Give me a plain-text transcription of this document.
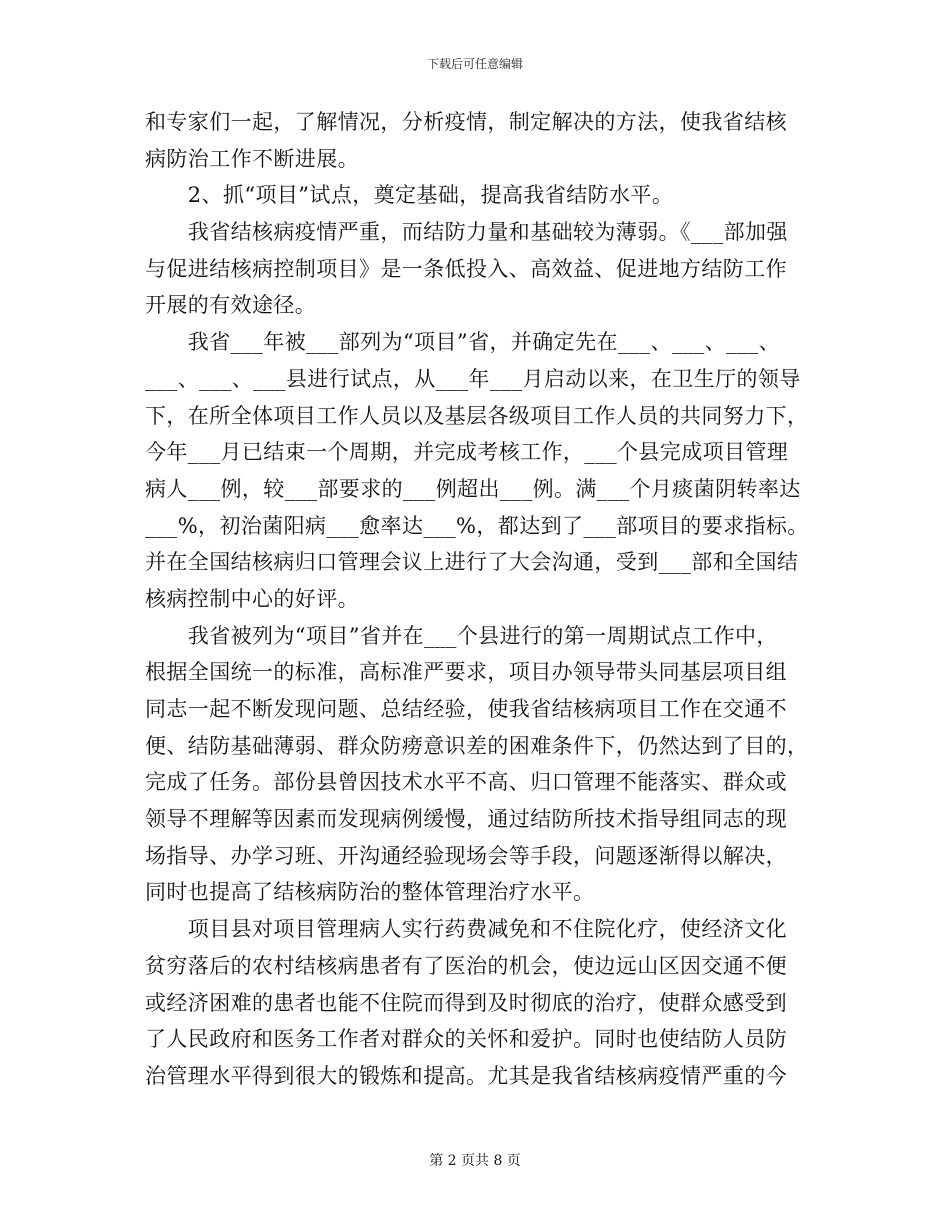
下载后可任意编辑
和专家们一起，了解情况，分析疫情，制定解决的方法，使我省结核
病防治工作不断进展。
　　2、抓“项目”试点，奠定基础，提高我省结防水平。
　　我省结核病疫情严重，而结防力量和基础较为薄弱。《___部加强
与促进结核病控制项目》是一条低投入、高效益、促进地方结防工作
开展的有效途径。
　　我省___年被___部列为“项目”省，并确定先在___、___、___、
___、___、___县进行试点，从___年___月启动以来，在卫生厅的领导
下，在所全体项目工作人员以及基层各级项目工作人员的共同努力下，
今年___月已结束一个周期，并完成考核工作，___个县完成项目管理
病人___例，较___部要求的___例超出___例。满___个月痰菌阴转率达
___%，初治菌阳病___愈率达___%，都达到了___部项目的要求指标。
并在全国结核病归口管理会议上进行了大会沟通，受到___部和全国结
核病控制中心的好评。
　　我省被列为“项目”省并在___个县进行的第一周期试点工作中，
根据全国统一的标准，高标准严要求，项目办领导带头同基层项目组
同志一起不断发现问题、总结经验，使我省结核病项目工作在交通不
便、结防基础薄弱、群众防痨意识差的困难条件下，仍然达到了目的，
完成了任务。部份县曾因技术水平不高、归口管理不能落实、群众或
领导不理解等因素而发现病例缓慢，通过结防所技术指导组同志的现
场指导、办学习班、开沟通经验现场会等手段，问题逐渐得以解决，
同时也提高了结核病防治的整体管理治疗水平。
　　项目县对项目管理病人实行药费减免和不住院化疗，使经济文化
贫穷落后的农村结核病患者有了医治的机会，使边远山区因交通不便
或经济困难的患者也能不住院而得到及时彻底的治疗，使群众感受到
了人民政府和医务工作者对群众的关怀和爱护。同时也使结防人员防
治管理水平得到很大的锻炼和提高。尤其是我省结核病疫情严重的今
第 2 页共 8 页
